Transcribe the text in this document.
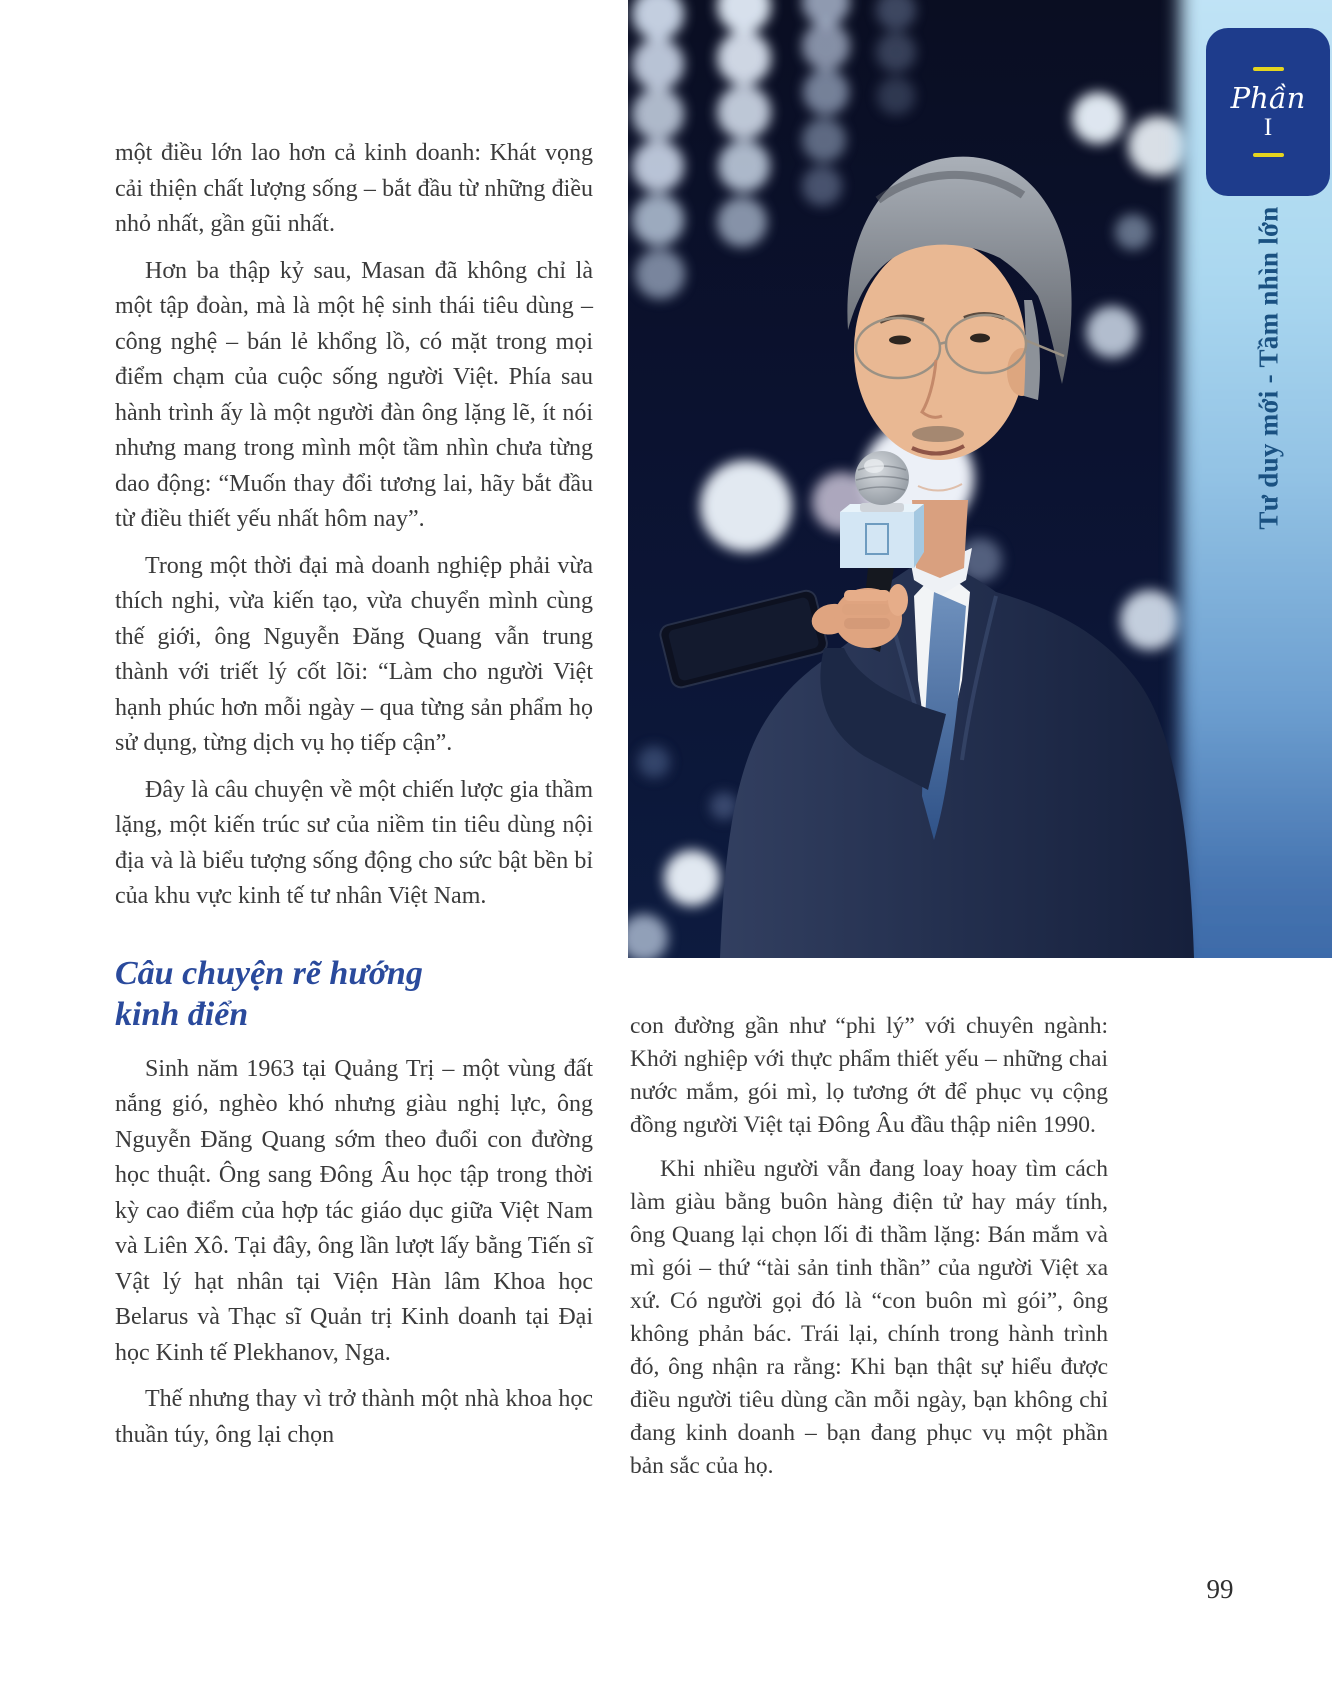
Phần
I
Tư duy mới - Tầm nhìn lớn

một điều lớn lao hơn cả kinh doanh: Khát vọng cải thiện chất lượng sống – bắt đầu từ những điều nhỏ nhất, gần gũi nhất.

Hơn ba thập kỷ sau, Masan đã không chỉ là một tập đoàn, mà là một hệ sinh thái tiêu dùng – công nghệ – bán lẻ khổng lồ, có mặt trong mọi điểm chạm của cuộc sống người Việt. Phía sau hành trình ấy là một người đàn ông lặng lẽ, ít nói nhưng mang trong mình một tầm nhìn chưa từng dao động: “Muốn thay đổi tương lai, hãy bắt đầu từ điều thiết yếu nhất hôm nay”.

Trong một thời đại mà doanh nghiệp phải vừa thích nghi, vừa kiến tạo, vừa chuyển mình cùng thế giới, ông Nguyễn Đăng Quang vẫn trung thành với triết lý cốt lõi: “Làm cho người Việt hạnh phúc hơn mỗi ngày – qua từng sản phẩm họ sử dụng, từng dịch vụ họ tiếp cận”.

Đây là câu chuyện về một chiến lược gia thầm lặng, một kiến trúc sư của niềm tin tiêu dùng nội địa và là biểu tượng sống động cho sức bật bền bỉ của khu vực kinh tế tư nhân Việt Nam.

Câu chuyện rẽ hướng
kinh điển

Sinh năm 1963 tại Quảng Trị – một vùng đất nắng gió, nghèo khó nhưng giàu nghị lực, ông Nguyễn Đăng Quang sớm theo đuổi con đường học thuật. Ông sang Đông Âu học tập trong thời kỳ cao điểm của hợp tác giáo dục giữa Việt Nam và Liên Xô. Tại đây, ông lần lượt lấy bằng Tiến sĩ Vật lý hạt nhân tại Viện Hàn lâm Khoa học Belarus và Thạc sĩ Quản trị Kinh doanh tại Đại học Kinh tế Plekhanov, Nga.

Thế nhưng thay vì trở thành một nhà khoa học thuần túy, ông lại chọn

con đường gần như “phi lý” với chuyên ngành: Khởi nghiệp với thực phẩm thiết yếu – những chai nước mắm, gói mì, lọ tương ớt để phục vụ cộng đồng người Việt tại Đông Âu đầu thập niên 1990.

Khi nhiều người vẫn đang loay hoay tìm cách làm giàu bằng buôn hàng điện tử hay máy tính, ông Quang lại chọn lối đi thầm lặng: Bán mắm và mì gói – thứ “tài sản tinh thần” của người Việt xa xứ. Có người gọi đó là “con buôn mì gói”, ông không phản bác. Trái lại, chính trong hành trình đó, ông nhận ra rằng: Khi bạn thật sự hiểu được điều người tiêu dùng cần mỗi ngày, bạn không chỉ đang kinh doanh – bạn đang phục vụ một phần bản sắc của họ.

99
